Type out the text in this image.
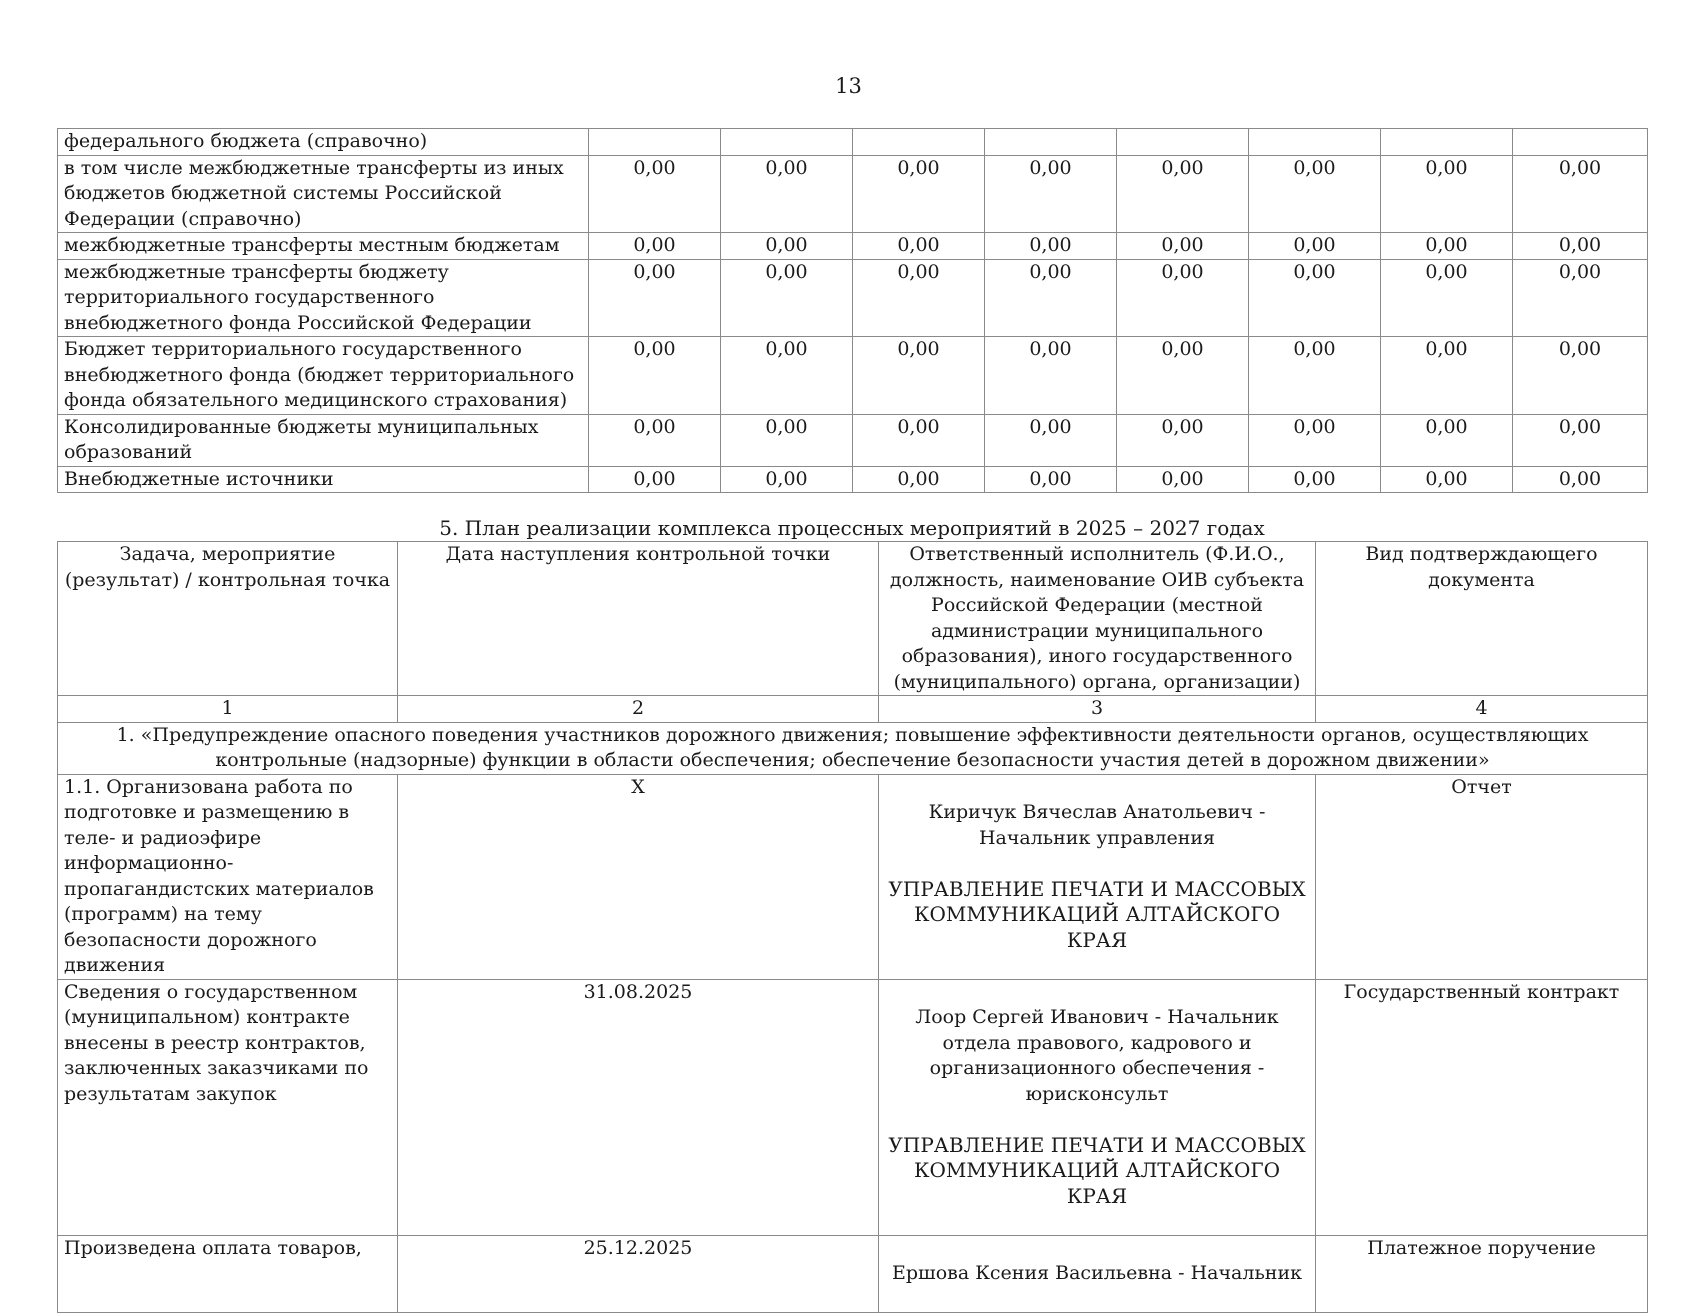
13
федерального бюджета (справочно)								
в том числе межбюджетные трансферты из иных бюджетов бюджетной системы Российской Федерации (справочно)	0,00	0,00	0,00	0,00	0,00	0,00	0,00	0,00
межбюджетные трансферты местным бюджетам	0,00	0,00	0,00	0,00	0,00	0,00	0,00	0,00
межбюджетные трансферты бюджету территориального государственного внебюджетного фонда Российской Федерации	0,00	0,00	0,00	0,00	0,00	0,00	0,00	0,00
Бюджет территориального государственного внебюджетного фонда (бюджет территориального фонда обязательного медицинского страхования)	0,00	0,00	0,00	0,00	0,00	0,00	0,00	0,00
Консолидированные бюджеты муниципальных образований	0,00	0,00	0,00	0,00	0,00	0,00	0,00	0,00
Внебюджетные источники	0,00	0,00	0,00	0,00	0,00	0,00	0,00	0,00
5. План реализации комплекса процессных мероприятий в 2025 – 2027 годах
Задача, мероприятие (результат) / контрольная точка	Дата наступления контрольной точки	Ответственный исполнитель (Ф.И.О., должность, наименование ОИВ субъекта Российской Федерации (местной администрации муниципального образования), иного государственного (муниципального) органа, организации)	Вид подтверждающего документа
1	2	3	4
1. «Предупреждение опасного поведения участников дорожного движения; повышение эффективности деятельности органов, осуществляющих контрольные (надзорные) функции в области обеспечения; обеспечение безопасности участия детей в дорожном движении»			
1.1. Организована работа по подготовке и размещению в теле- и радиоэфире информационно-пропагандистских материалов (программ) на тему безопасности дорожного движения	X	Киричук Вячеслав Анатольевич - Начальник управления

УПРАВЛЕНИЕ ПЕЧАТИ И МАССОВЫХ КОММУНИКАЦИЙ АЛТАЙСКОГО КРАЯ	Отчет
Сведения о государственном (муниципальном) контракте внесены в реестр контрактов, заключенных заказчиками по результатам закупок	31.08.2025	Лоор Сергей Иванович - Начальник отдела правового, кадрового и организационного обеспечения - юрисконсульт

УПРАВЛЕНИЕ ПЕЧАТИ И МАССОВЫХ КОММУНИКАЦИЙ АЛТАЙСКОГО КРАЯ	Государственный контракт
Произведена оплата товаров,	25.12.2025	Ершова Ксения Васильевна - Начальник	Платежное поручение
